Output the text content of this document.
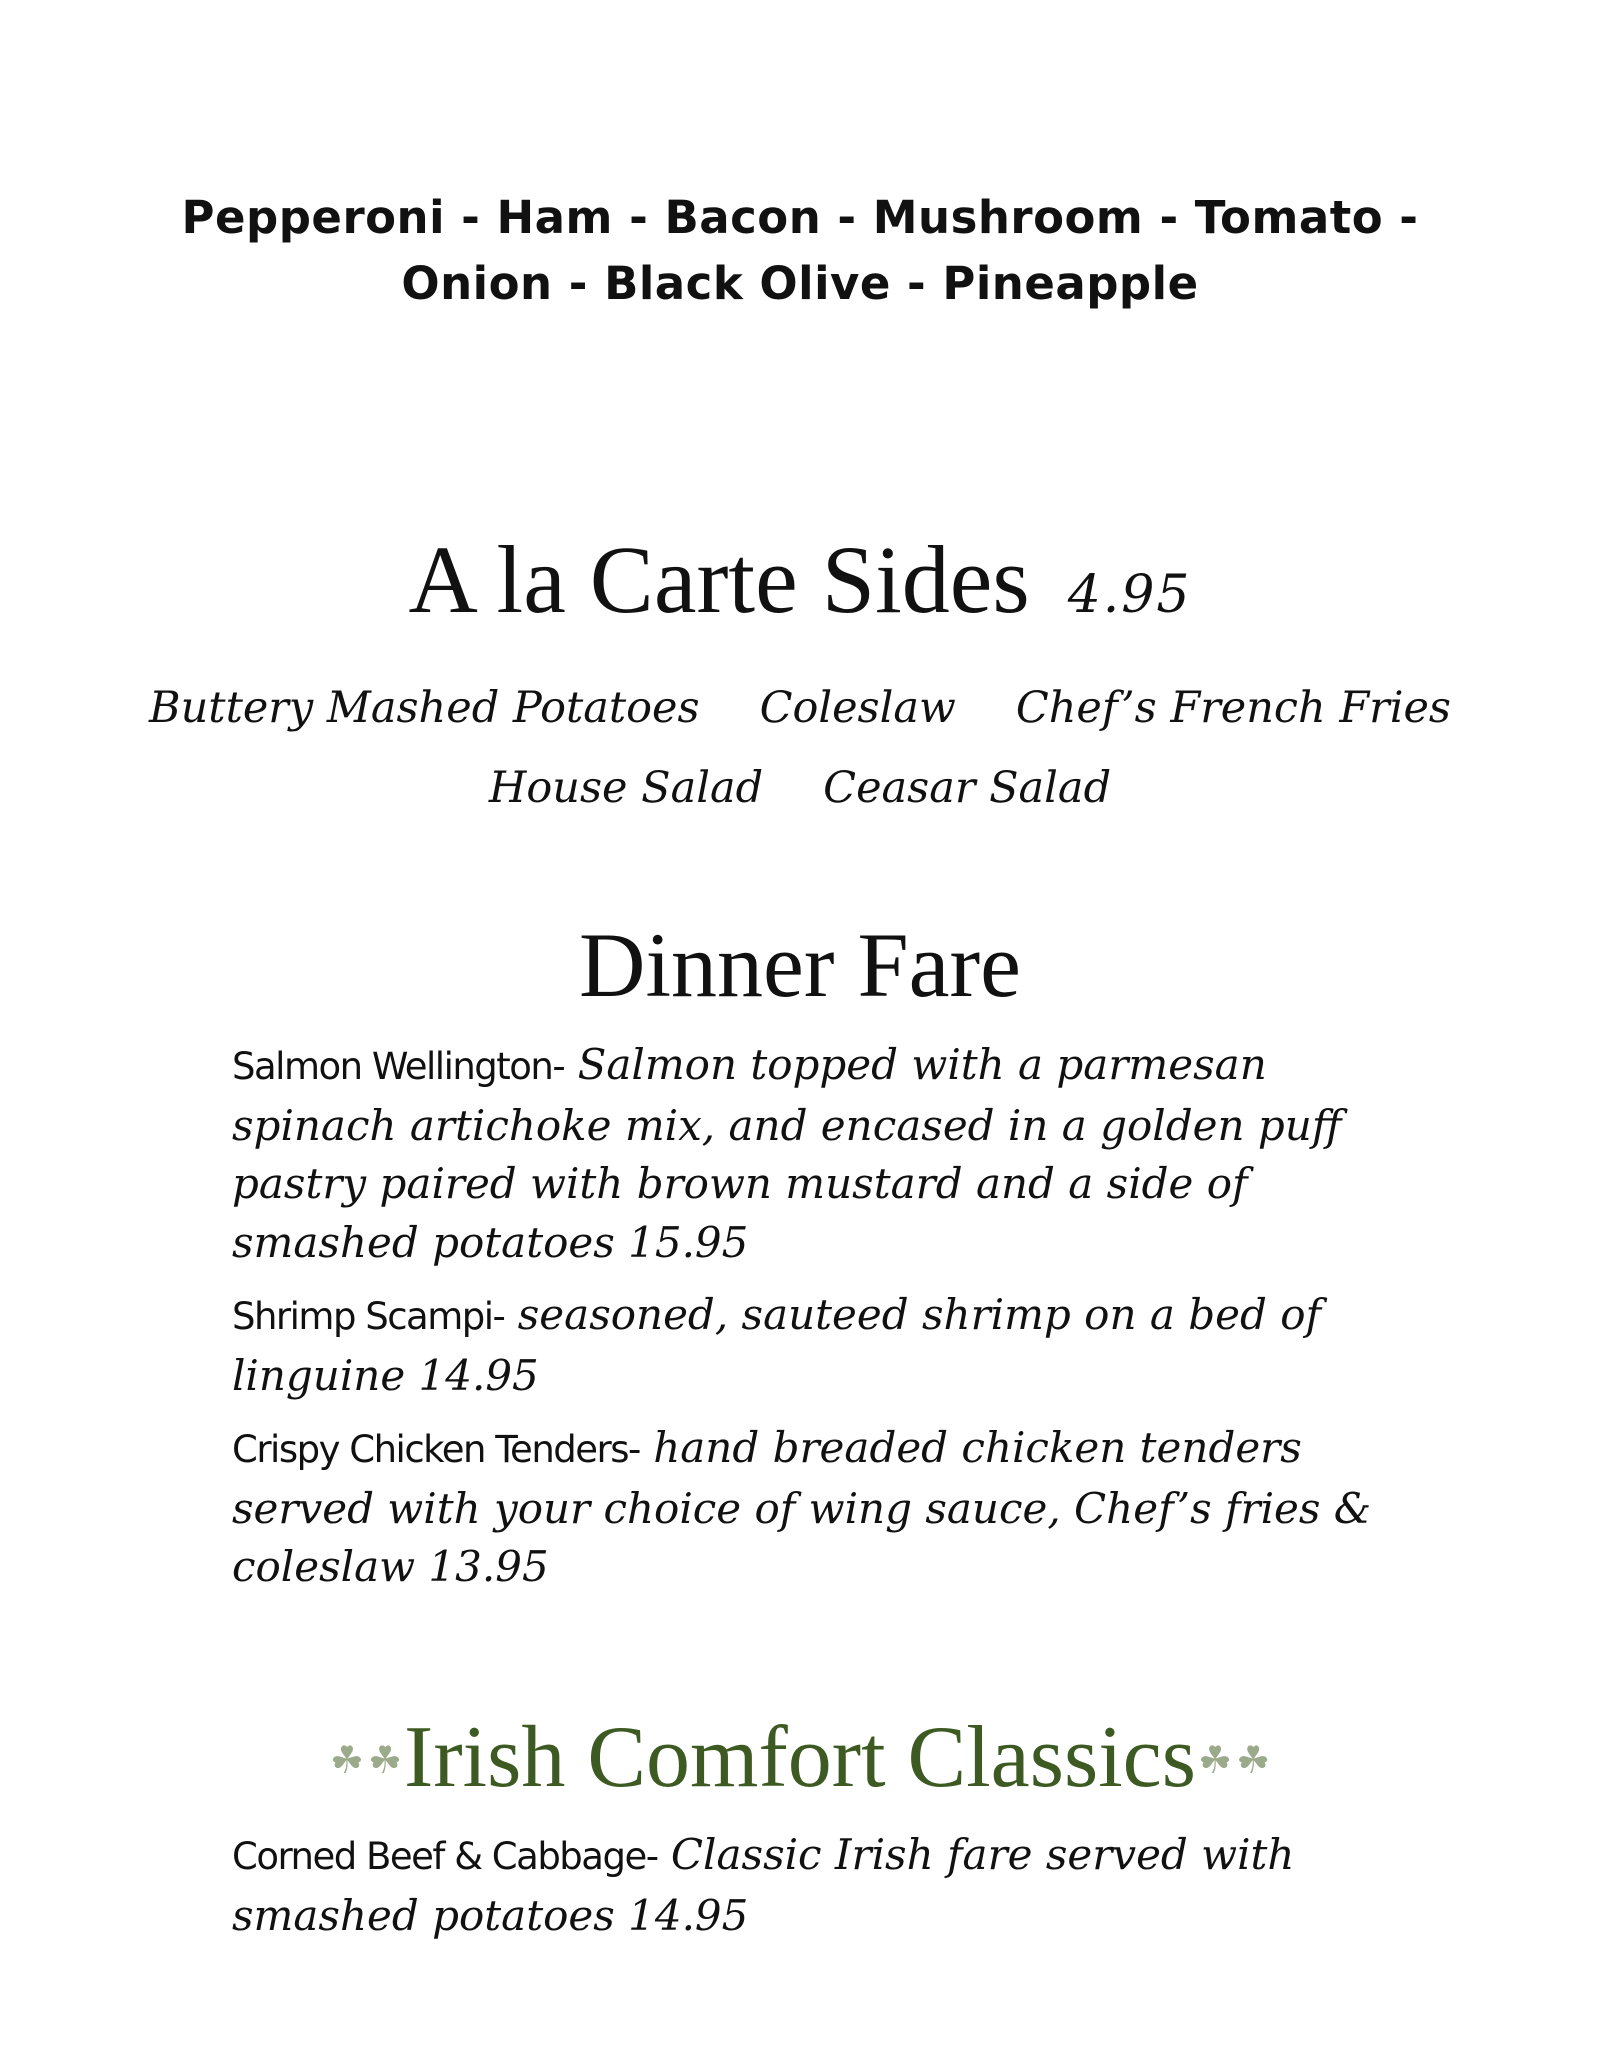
Pepperoni - Ham - Bacon - Mushroom - Tomato -
Onion - Black Olive - Pineapple
A la Carte Sides 4.95
Buttery Mashed Potatoes Coleslaw Chef’s French Fries
House Salad Ceasar Salad
Dinner Fare
Salmon Wellington- Salmon topped with a parmesan spinach artichoke mix, and encased in a golden puff pastry paired with brown mustard and a side of smashed potatoes 15.95
Shrimp Scampi- seasoned, sauteed shrimp on a bed of linguine 14.95
Crispy Chicken Tenders- hand breaded chicken tenders served with your choice of wing sauce, Chef’s fries & coleslaw 13.95
☘ ☘Irish Comfort Classics☘ ☘
Corned Beef & Cabbage- Classic Irish fare served with smashed potatoes 14.95
